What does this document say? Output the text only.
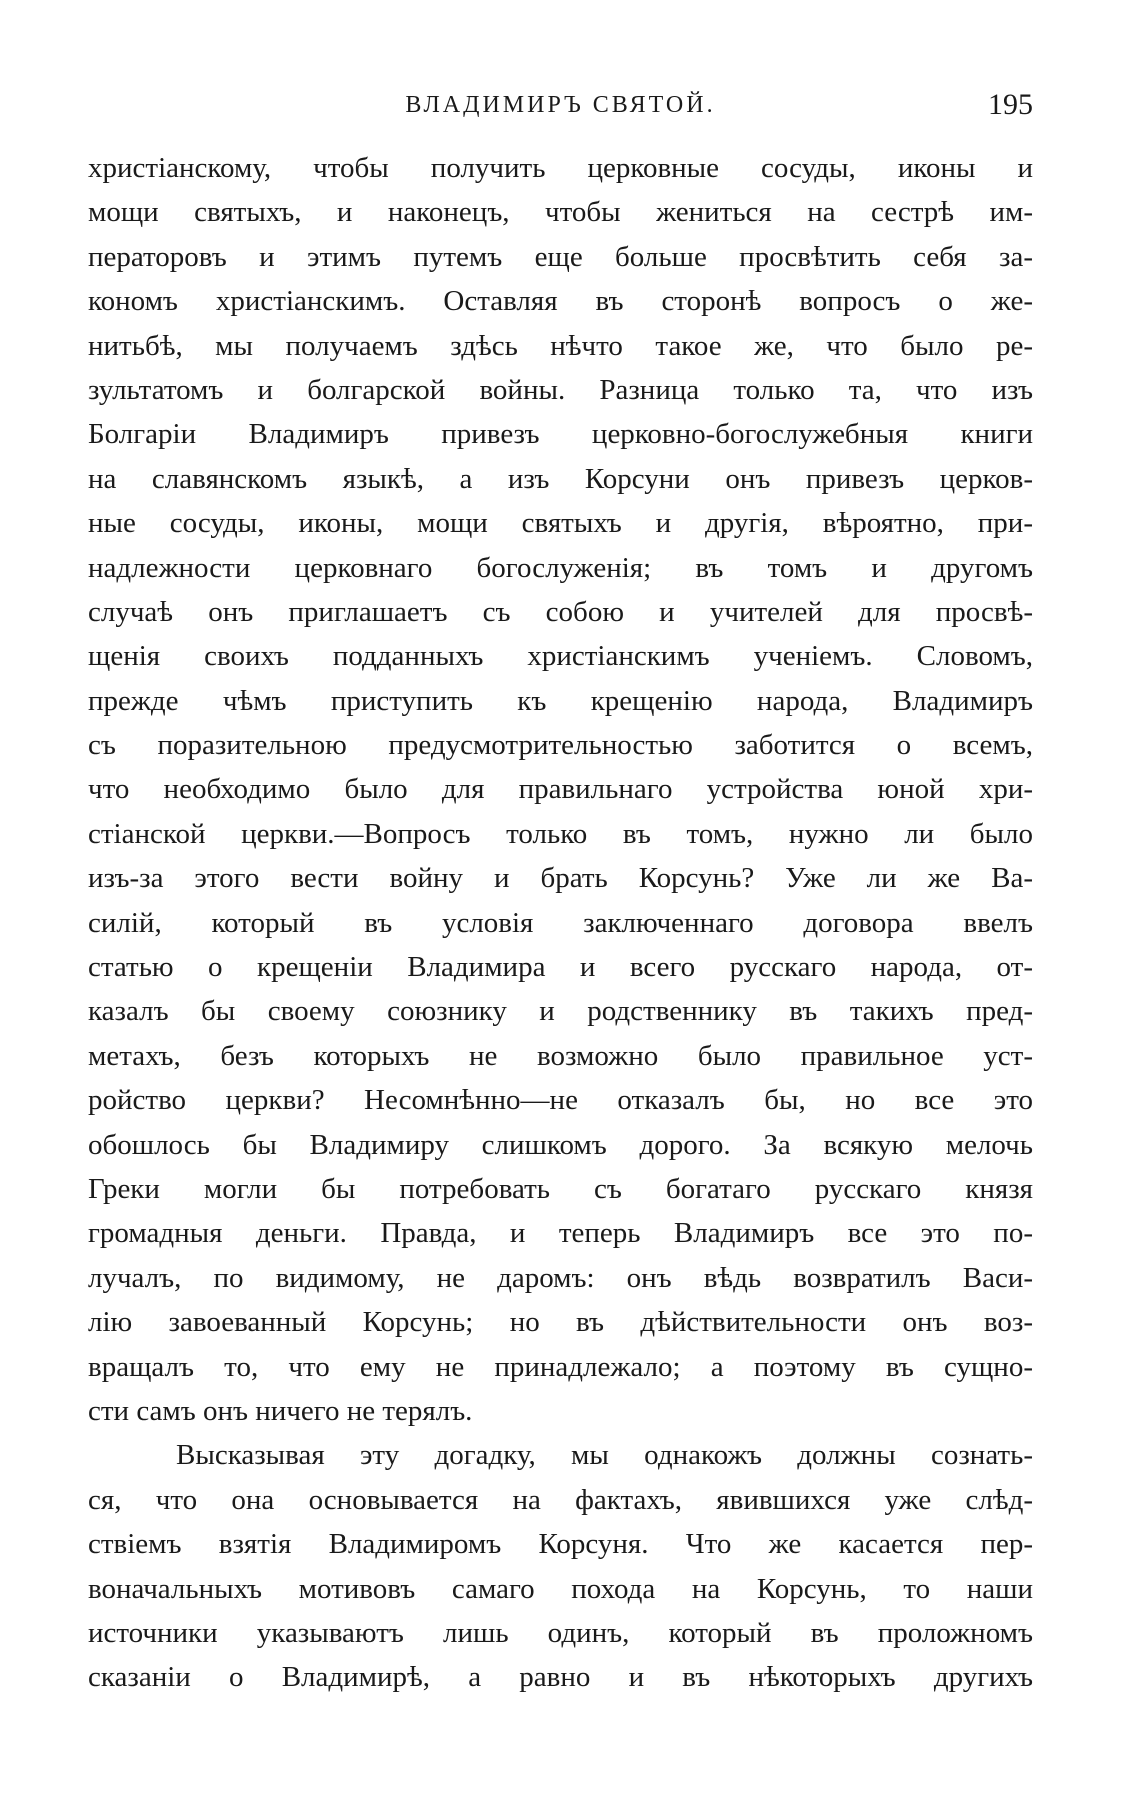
ВЛАДИМИРЪ СВЯТОЙ.	195
христіанскому, чтобы получить церковные сосуды, иконы и
мощи святыхъ, и наконецъ, чтобы жениться на сестрѣ им-
ператоровъ и этимъ путемъ еще больше просвѣтить себя за-
кономъ христіанскимъ. Оставляя въ сторонѣ вопросъ о же-
нитьбѣ, мы получаемъ здѣсь нѣчто такое же, что было ре-
зультатомъ и болгарской войны. Разница только та, что изъ
Болгаріи Владимиръ привезъ церковно-богослужебныя книги
на славянскомъ языкѣ, а изъ Корсуни онъ привезъ церков-
ные сосуды, иконы, мощи святыхъ и другія, вѣроятно, при-
надлежности церковнаго богослуженія; въ томъ и другомъ
случаѣ онъ приглашаетъ съ собою и учителей для просвѣ-
щенія своихъ подданныхъ христіанскимъ ученіемъ. Словомъ,
прежде чѣмъ приступить къ крещенію народа, Владимиръ
съ поразительною предусмотрительностью заботится о всемъ,
что необходимо было для правильнаго устройства юной хри-
стіанской церкви.—Вопросъ только въ томъ, нужно ли было
изъ-за этого вести войну и брать Корсунь? Уже ли же Ва-
силій, который въ условія заключеннаго договора ввелъ
статью о крещеніи Владимира и всего русскаго народа, от-
казалъ бы своему союзнику и родственнику въ такихъ пред-
метахъ, безъ которыхъ не возможно было правильное уст-
ройство церкви? Несомнѣнно—не отказалъ бы, но все это
обошлось бы Владимиру слишкомъ дорого. За всякую мелочь
Греки могли бы потребовать съ богатаго русскаго князя
громадныя деньги. Правда, и теперь Владимиръ все это по-
лучалъ, по видимому, не даромъ: онъ вѣдь возвратилъ Васи-
лію завоеванный Корсунь; но въ дѣйствительности онъ воз-
вращалъ то, что ему не принадлежало; а поэтому въ сущно-
сти самъ онъ ничего не терялъ.
Высказывая эту догадку, мы однакожъ должны сознать-
ся, что она основывается на фактахъ, явившихся уже слѣд-
ствіемъ взятія Владимиромъ Корсуня. Что же касается пер-
воначальныхъ мотивовъ самаго похода на Корсунь, то наши
источники указываютъ лишь одинъ, который въ проложномъ
сказаніи о Владимирѣ, а равно и въ нѣкоторыхъ другихъ
